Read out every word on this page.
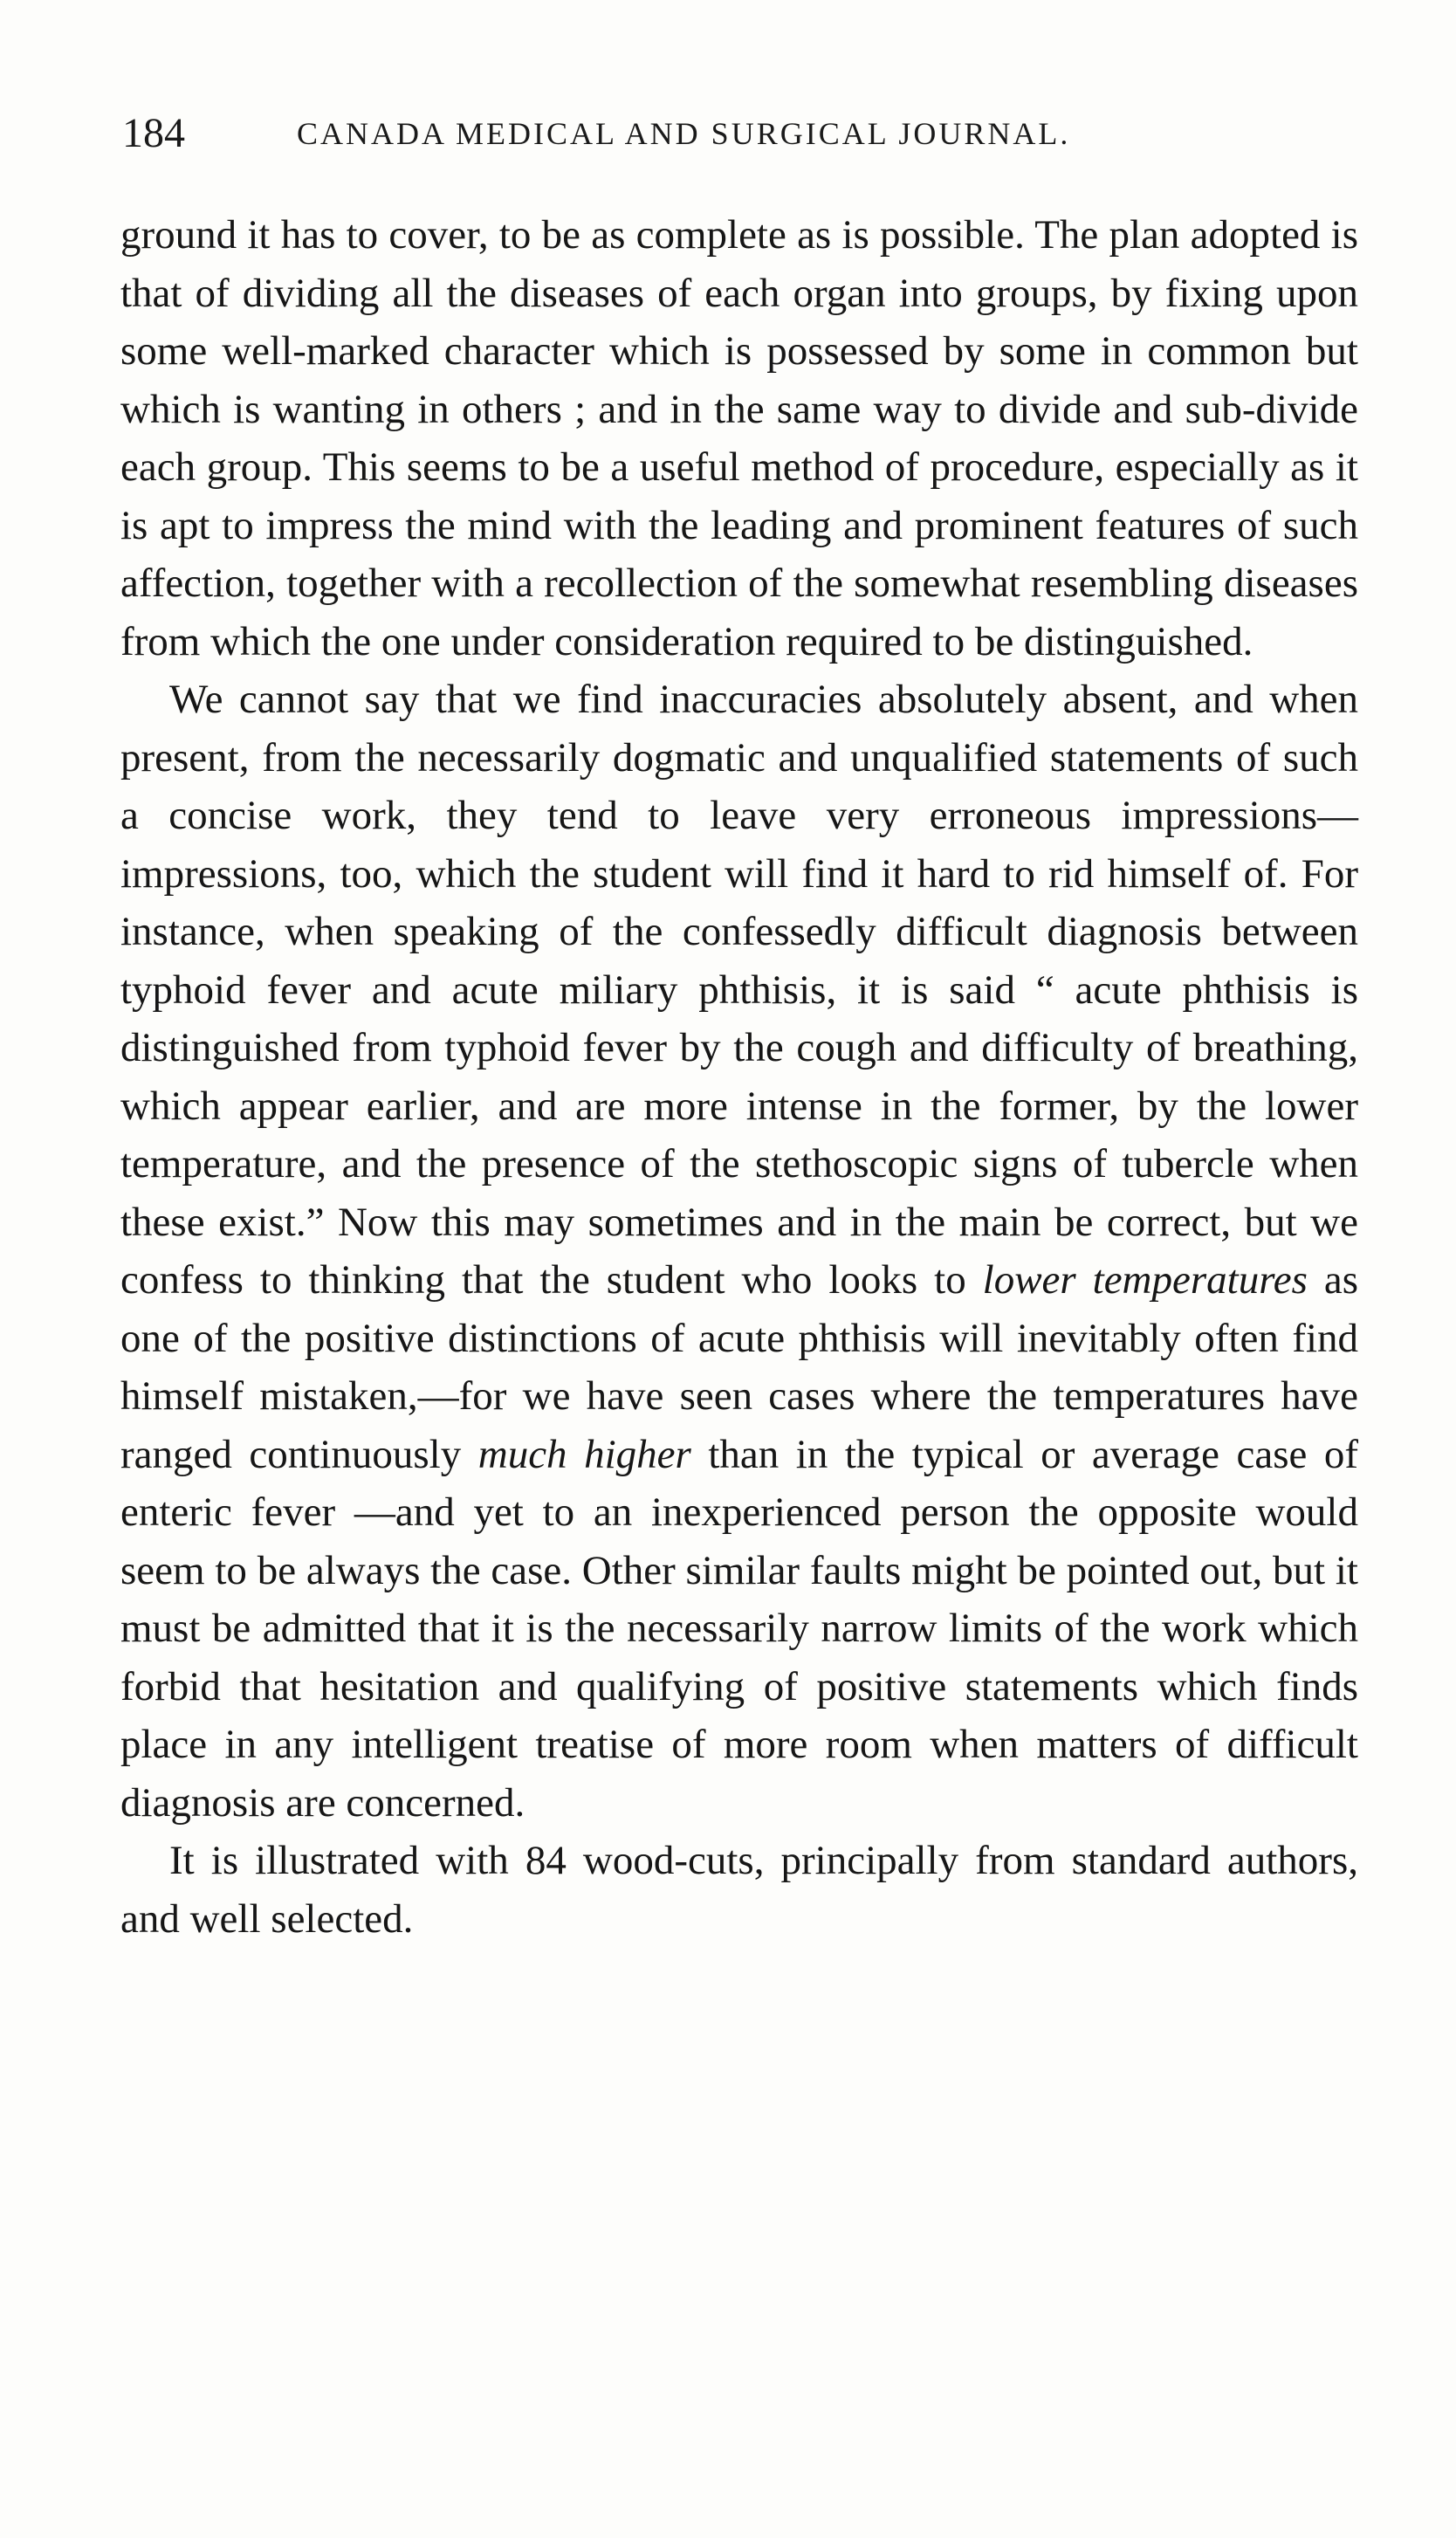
184	CANADA MEDICAL AND SURGICAL JOURNAL.

ground it has to cover, to be as complete as is possible. The plan adopted is that of dividing all the diseases of each organ into groups, by fixing upon some well-marked character which is possessed by some in common but which is wanting in others ; and in the same way to divide and sub-divide each group. This seems to be a useful method of procedure, especially as it is apt to impress the mind with the leading and prominent features of such affection, together with a recollection of the somewhat resembling diseases from which the one under consideration required to be distinguished.

We cannot say that we find inaccuracies absolutely absent, and when present, from the necessarily dogmatic and unqualified statements of such a concise work, they tend to leave very erroneous impressions—impressions, too, which the student will find it hard to rid himself of. For instance, when speaking of the confessedly difficult diagnosis between typhoid fever and acute miliary phthisis, it is said “ acute phthisis is distinguished from typhoid fever by the cough and difficulty of breathing, which appear earlier, and are more intense in the former, by the lower temperature, and the presence of the stethoscopic signs of tubercle when these exist.” Now this may sometimes and in the main be correct, but we confess to thinking that the student who looks to lower temperatures as one of the positive distinctions of acute phthisis will inevitably often find himself mistaken,—for we have seen cases where the temperatures have ranged continuously much higher than in the typical or average case of enteric fever —and yet to an inexperienced person the opposite would seem to be always the case. Other similar faults might be pointed out, but it must be admitted that it is the necessarily narrow limits of the work which forbid that hesitation and qualifying of positive statements which finds place in any intelligent treatise of more room when matters of difficult diagnosis are concerned.

It is illustrated with 84 wood-cuts, principally from standard authors, and well selected.
